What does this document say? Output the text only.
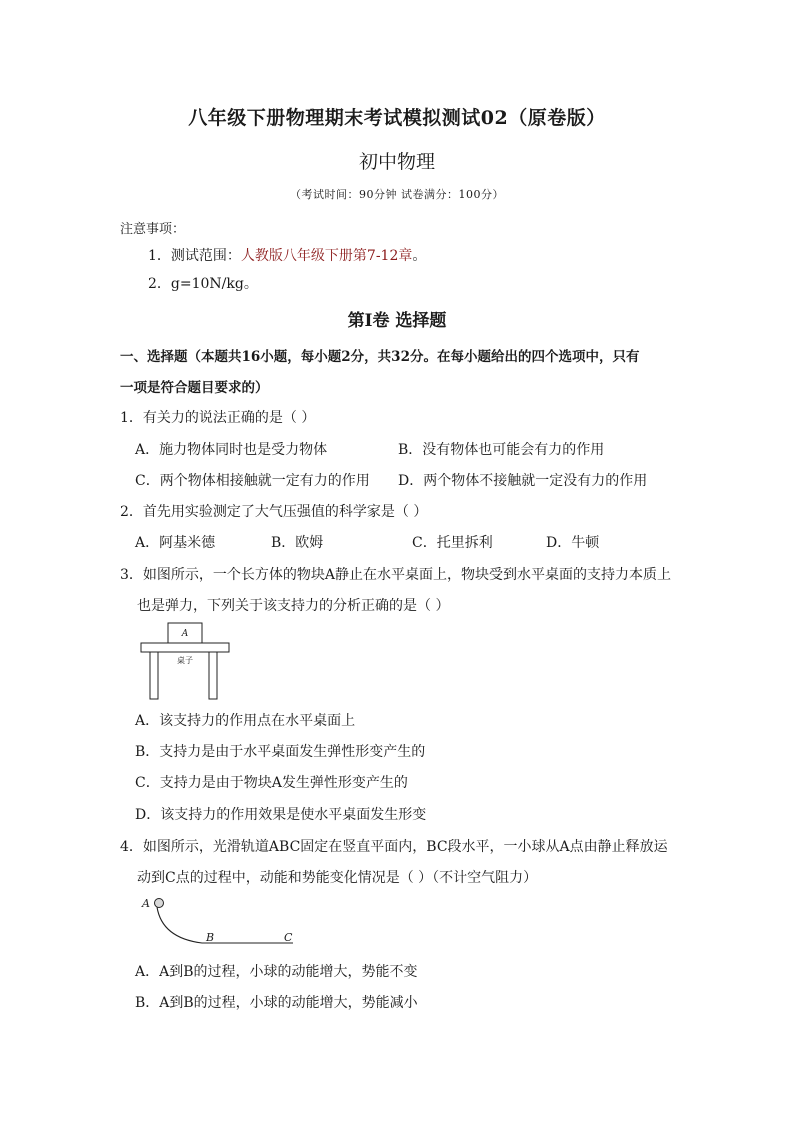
八年级下册物理期末考试模拟测试02（原卷版）
初中物理
（考试时间：90分钟 试卷满分：100分）
注意事项：
1．测试范围：人教版八年级下册第7-12章。
2．g=10N/kg。
第Ⅰ卷 选择题
一、选择题（本题共16小题，每小题2分，共32分。在每小题给出的四个选项中，只有
一项是符合题目要求的）
1．有关力的说法正确的是（ ）
A．施力物体同时也是受力物体	B．没有物体也可能会有力的作用
C．两个物体相接触就一定有力的作用 D．两个物体不接触就一定没有力的作用
2．首先用实验测定了大气压强值的科学家是（ ）
A．阿基米德	B．欧姆	C．托里拆利	D．牛顿
3．如图所示，一个长方体的物块A静止在水平桌面上，物块受到水平桌面的支持力本质上
也是弹力，下列关于该支持力的分析正确的是（ ）
A
桌子
A．该支持力的作用点在水平桌面上
B．支持力是由于水平桌面发生弹性形变产生的
C．支持力是由于物块A发生弹性形变产生的
D．该支持力的作用效果是使水平桌面发生形变
4．如图所示，光滑轨道ABC固定在竖直平面内，BC段水平，一小球从A点由静止释放运
动到C点的过程中，动能和势能变化情况是（ ）（不计空气阻力）
A
B	C
A．A到B的过程，小球的动能增大，势能不变
B．A到B的过程，小球的动能增大，势能减小
